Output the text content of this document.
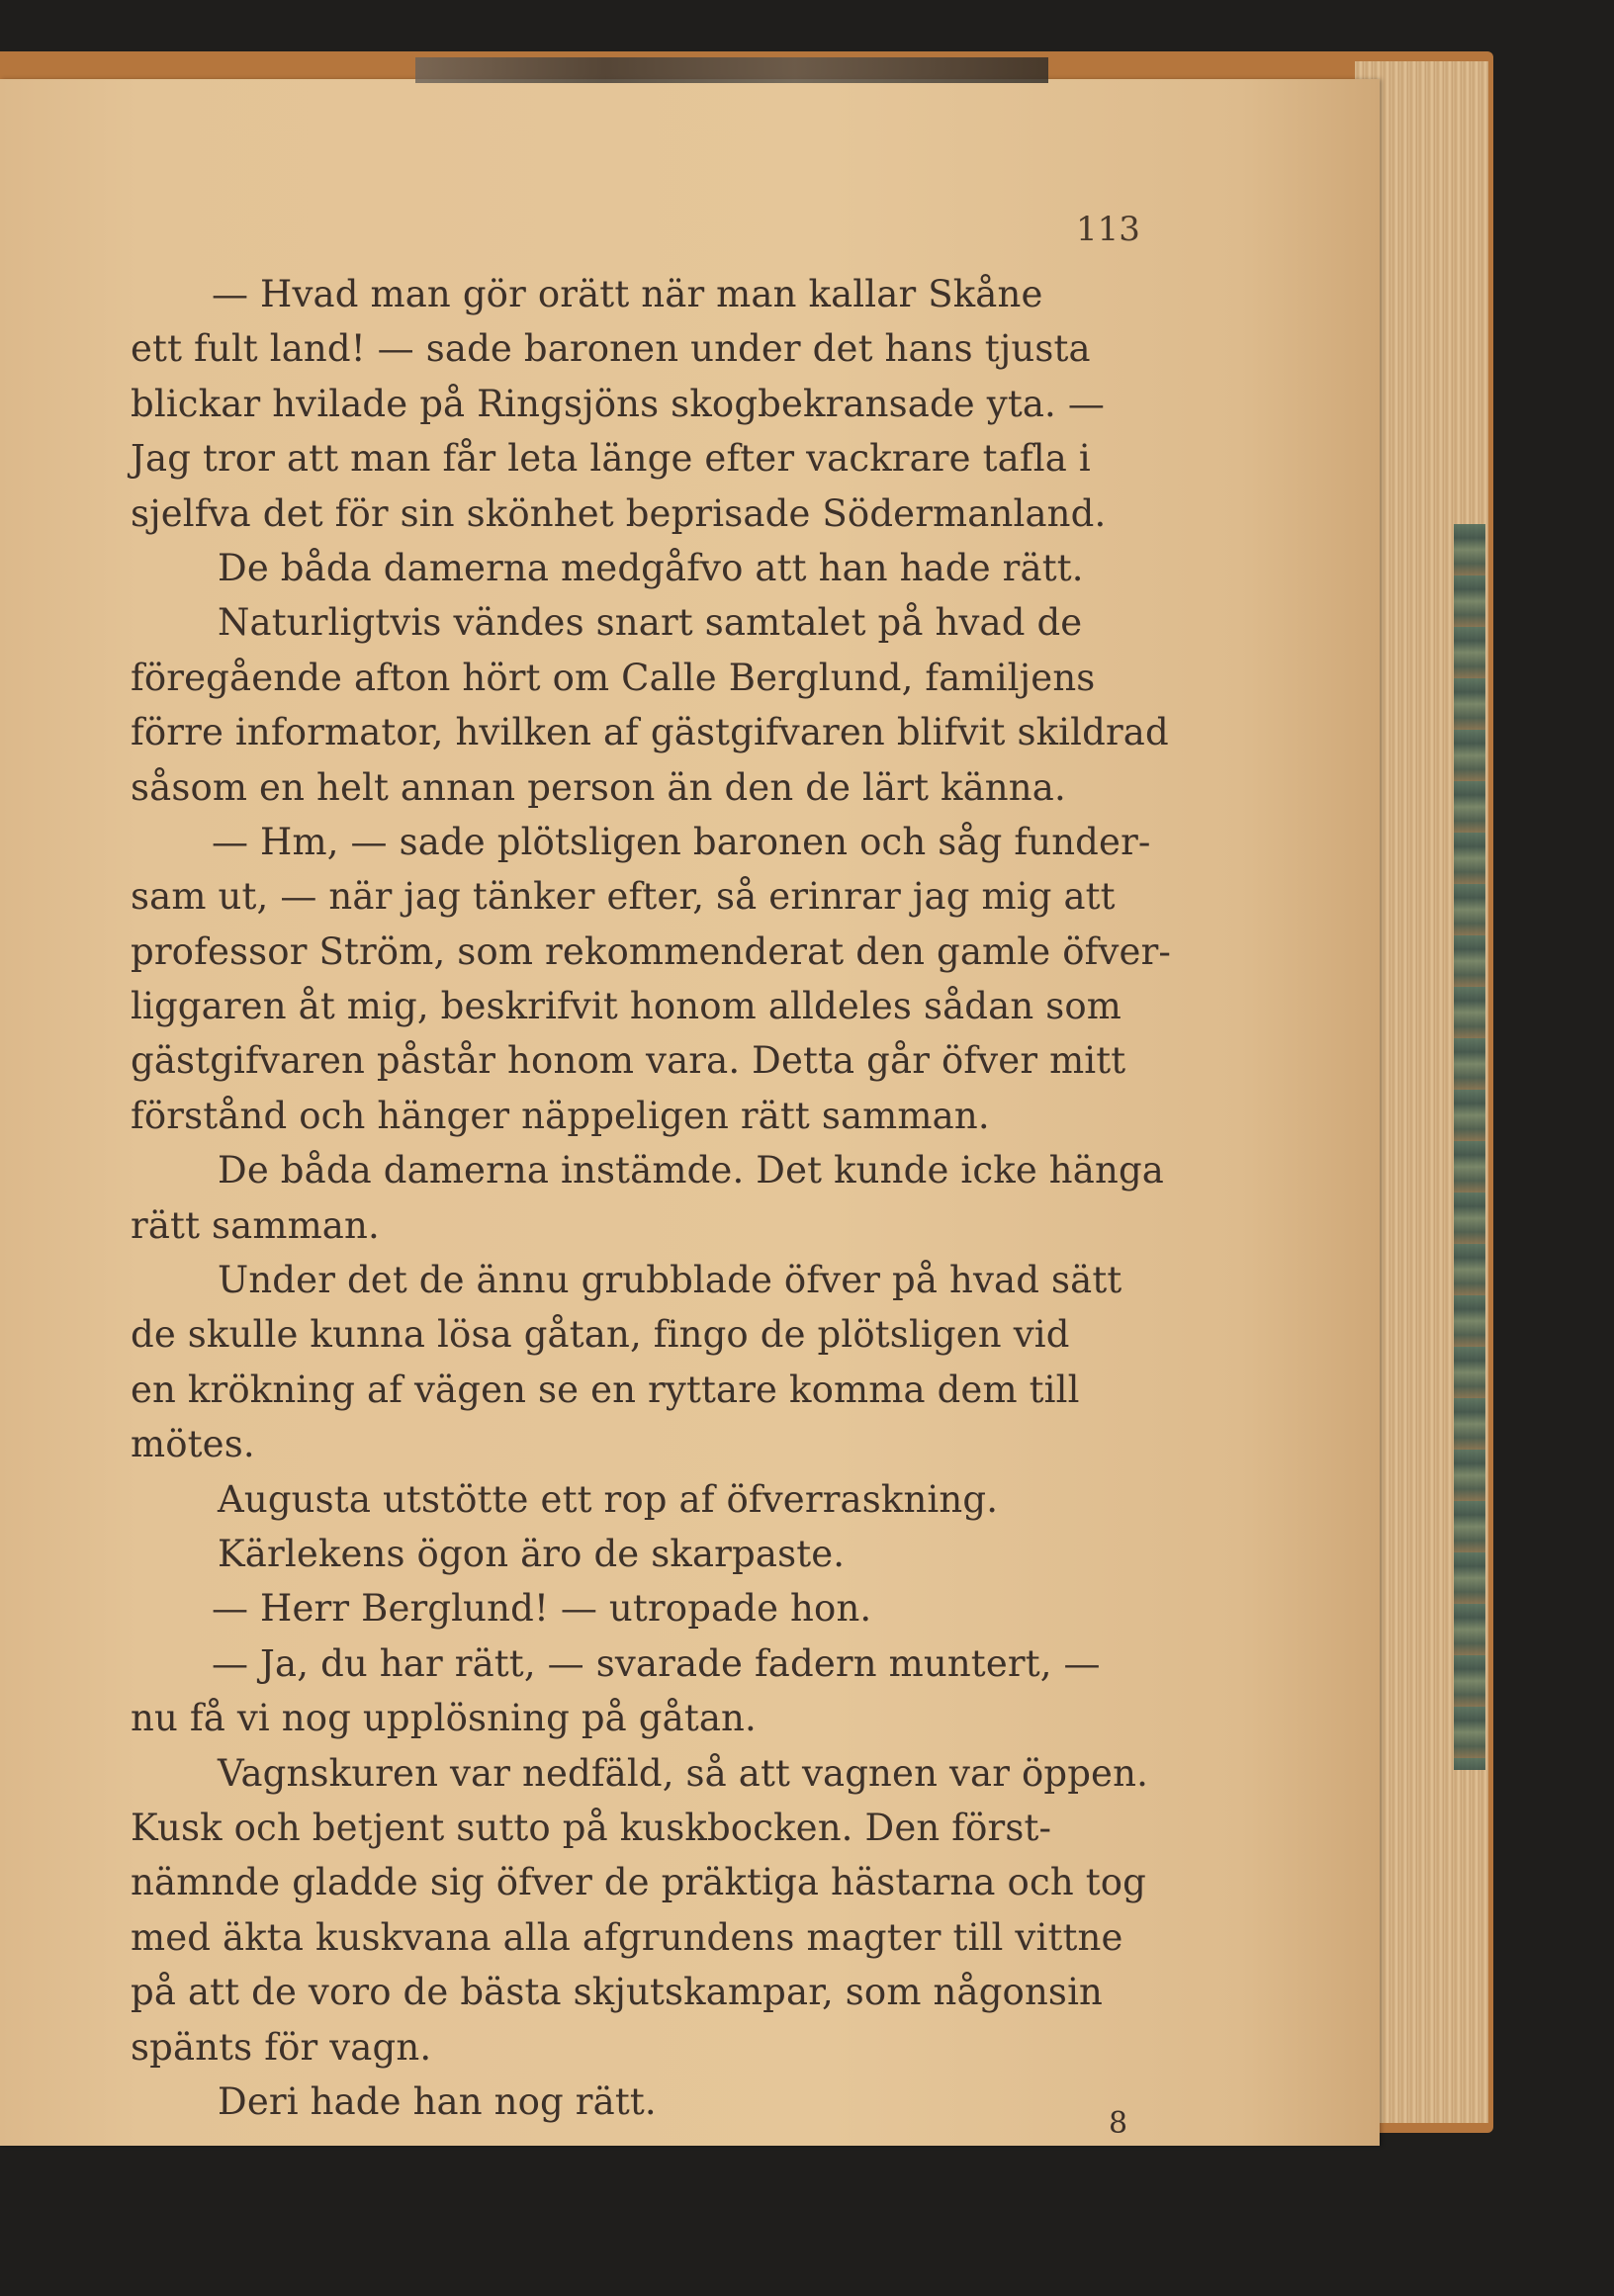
113
— Hvad man gör orätt när man kallar Skåne
ett fult land! — sade baronen under det hans tjusta
blickar hvilade på Ringsjöns skogbekransade yta. —
Jag tror att man får leta länge efter vackrare tafla i
sjelfva det för sin skönhet beprisade Södermanland.
De båda damerna medgåfvo att han hade rätt.
Naturligtvis vändes snart samtalet på hvad de
föregående afton hört om Calle Berglund, familjens
förre informator, hvilken af gästgifvaren blifvit skildrad
såsom en helt annan person än den de lärt känna.
— Hm, — sade plötsligen baronen och såg funder-
sam ut, — när jag tänker efter, så erinrar jag mig att
professor Ström, som rekommenderat den gamle öfver-
liggaren åt mig, beskrifvit honom alldeles sådan som
gästgifvaren påstår honom vara. Detta går öfver mitt
förstånd och hänger näppeligen rätt samman.
De båda damerna instämde. Det kunde icke hänga
rätt samman.
Under det de ännu grubblade öfver på hvad sätt
de skulle kunna lösa gåtan, fingo de plötsligen vid
en krökning af vägen se en ryttare komma dem till
mötes.
Augusta utstötte ett rop af öfverraskning.
Kärlekens ögon äro de skarpaste.
— Herr Berglund! — utropade hon.
— Ja, du har rätt, — svarade fadern muntert, —
nu få vi nog upplösning på gåtan.
Vagnskuren var nedfäld, så att vagnen var öppen.
Kusk och betjent sutto på kuskbocken. Den först-
nämnde gladde sig öfver de präktiga hästarna och tog
med äkta kuskvana alla afgrundens magter till vittne
på att de voro de bästa skjutskampar, som någonsin
spänts för vagn.
Deri hade han nog rätt.
8
